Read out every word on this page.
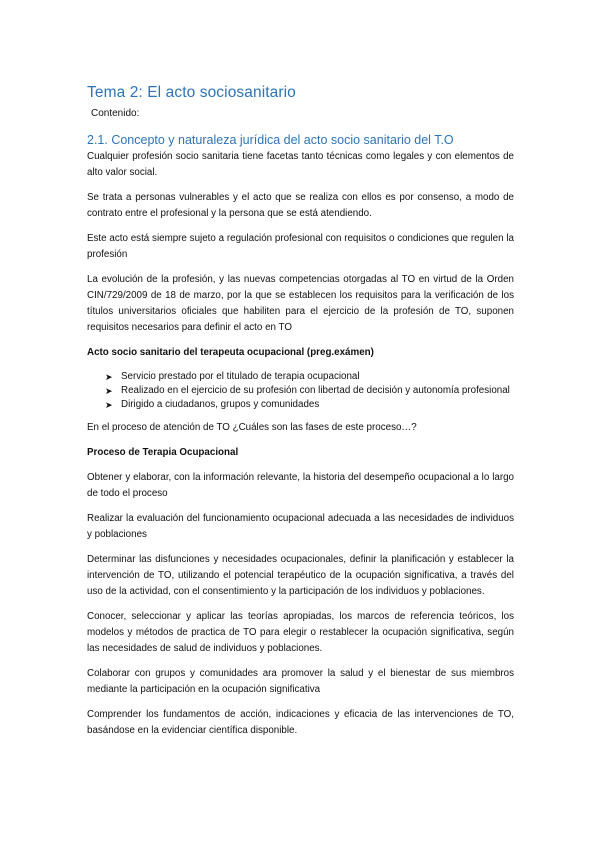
Tema 2: El acto sociosanitario
Contenido:
2.1. Concepto y naturaleza jurídica del acto socio sanitario del T.O

Cualquier profesión socio sanitaria tiene facetas tanto técnicas como legales y con elementos de alto valor social.

Se trata a personas vulnerables y el acto que se realiza con ellos es por consenso, a modo de contrato entre el profesional y la persona que se está atendiendo.

Este acto está siempre sujeto a regulación profesional con requisitos o condiciones que regulen la profesión

La evolución de la profesión, y las nuevas competencias otorgadas al TO en virtud de la Orden CIN/729/2009 de 18 de marzo, por la que se establecen los requisitos para la verificación de los títulos universitarios oficiales que habiliten para el ejercicio de la profesión de TO, suponen requisitos necesarios para definir el acto en TO

Acto socio sanitario del terapeuta ocupacional (preg.exámen)

➤ Servicio prestado por el titulado de terapia ocupacional
➤ Realizado en el ejercicio de su profesión con libertad de decisión y autonomía profesional
➤ Dirigido a ciudadanos, grupos y comunidades

En el proceso de atención de TO ¿Cuáles son las fases de este proceso…?

Proceso de Terapia Ocupacional

Obtener y elaborar, con la información relevante, la historia del desempeño ocupacional a lo largo de todo el proceso

Realizar la evaluación del funcionamiento ocupacional adecuada a las necesidades de individuos y poblaciones

Determinar las disfunciones y necesidades ocupacionales, definir la planificación y establecer la intervención de TO, utilizando el potencial terapéutico de la ocupación significativa, a través del uso de la actividad, con el consentimiento y la participación de los individuos y poblaciones.

Conocer, seleccionar y aplicar las teorías apropiadas, los marcos de referencia teóricos, los modelos y métodos de practica de TO para elegir o restablecer la ocupación significativa, según las necesidades de salud de individuos y poblaciones.

Colaborar con grupos y comunidades ara promover la salud y el bienestar de sus miembros mediante la participación en la ocupación significativa

Comprender los fundamentos de acción, indicaciones y eficacia de las intervenciones de TO, basándose en la evidenciar científica disponible.
